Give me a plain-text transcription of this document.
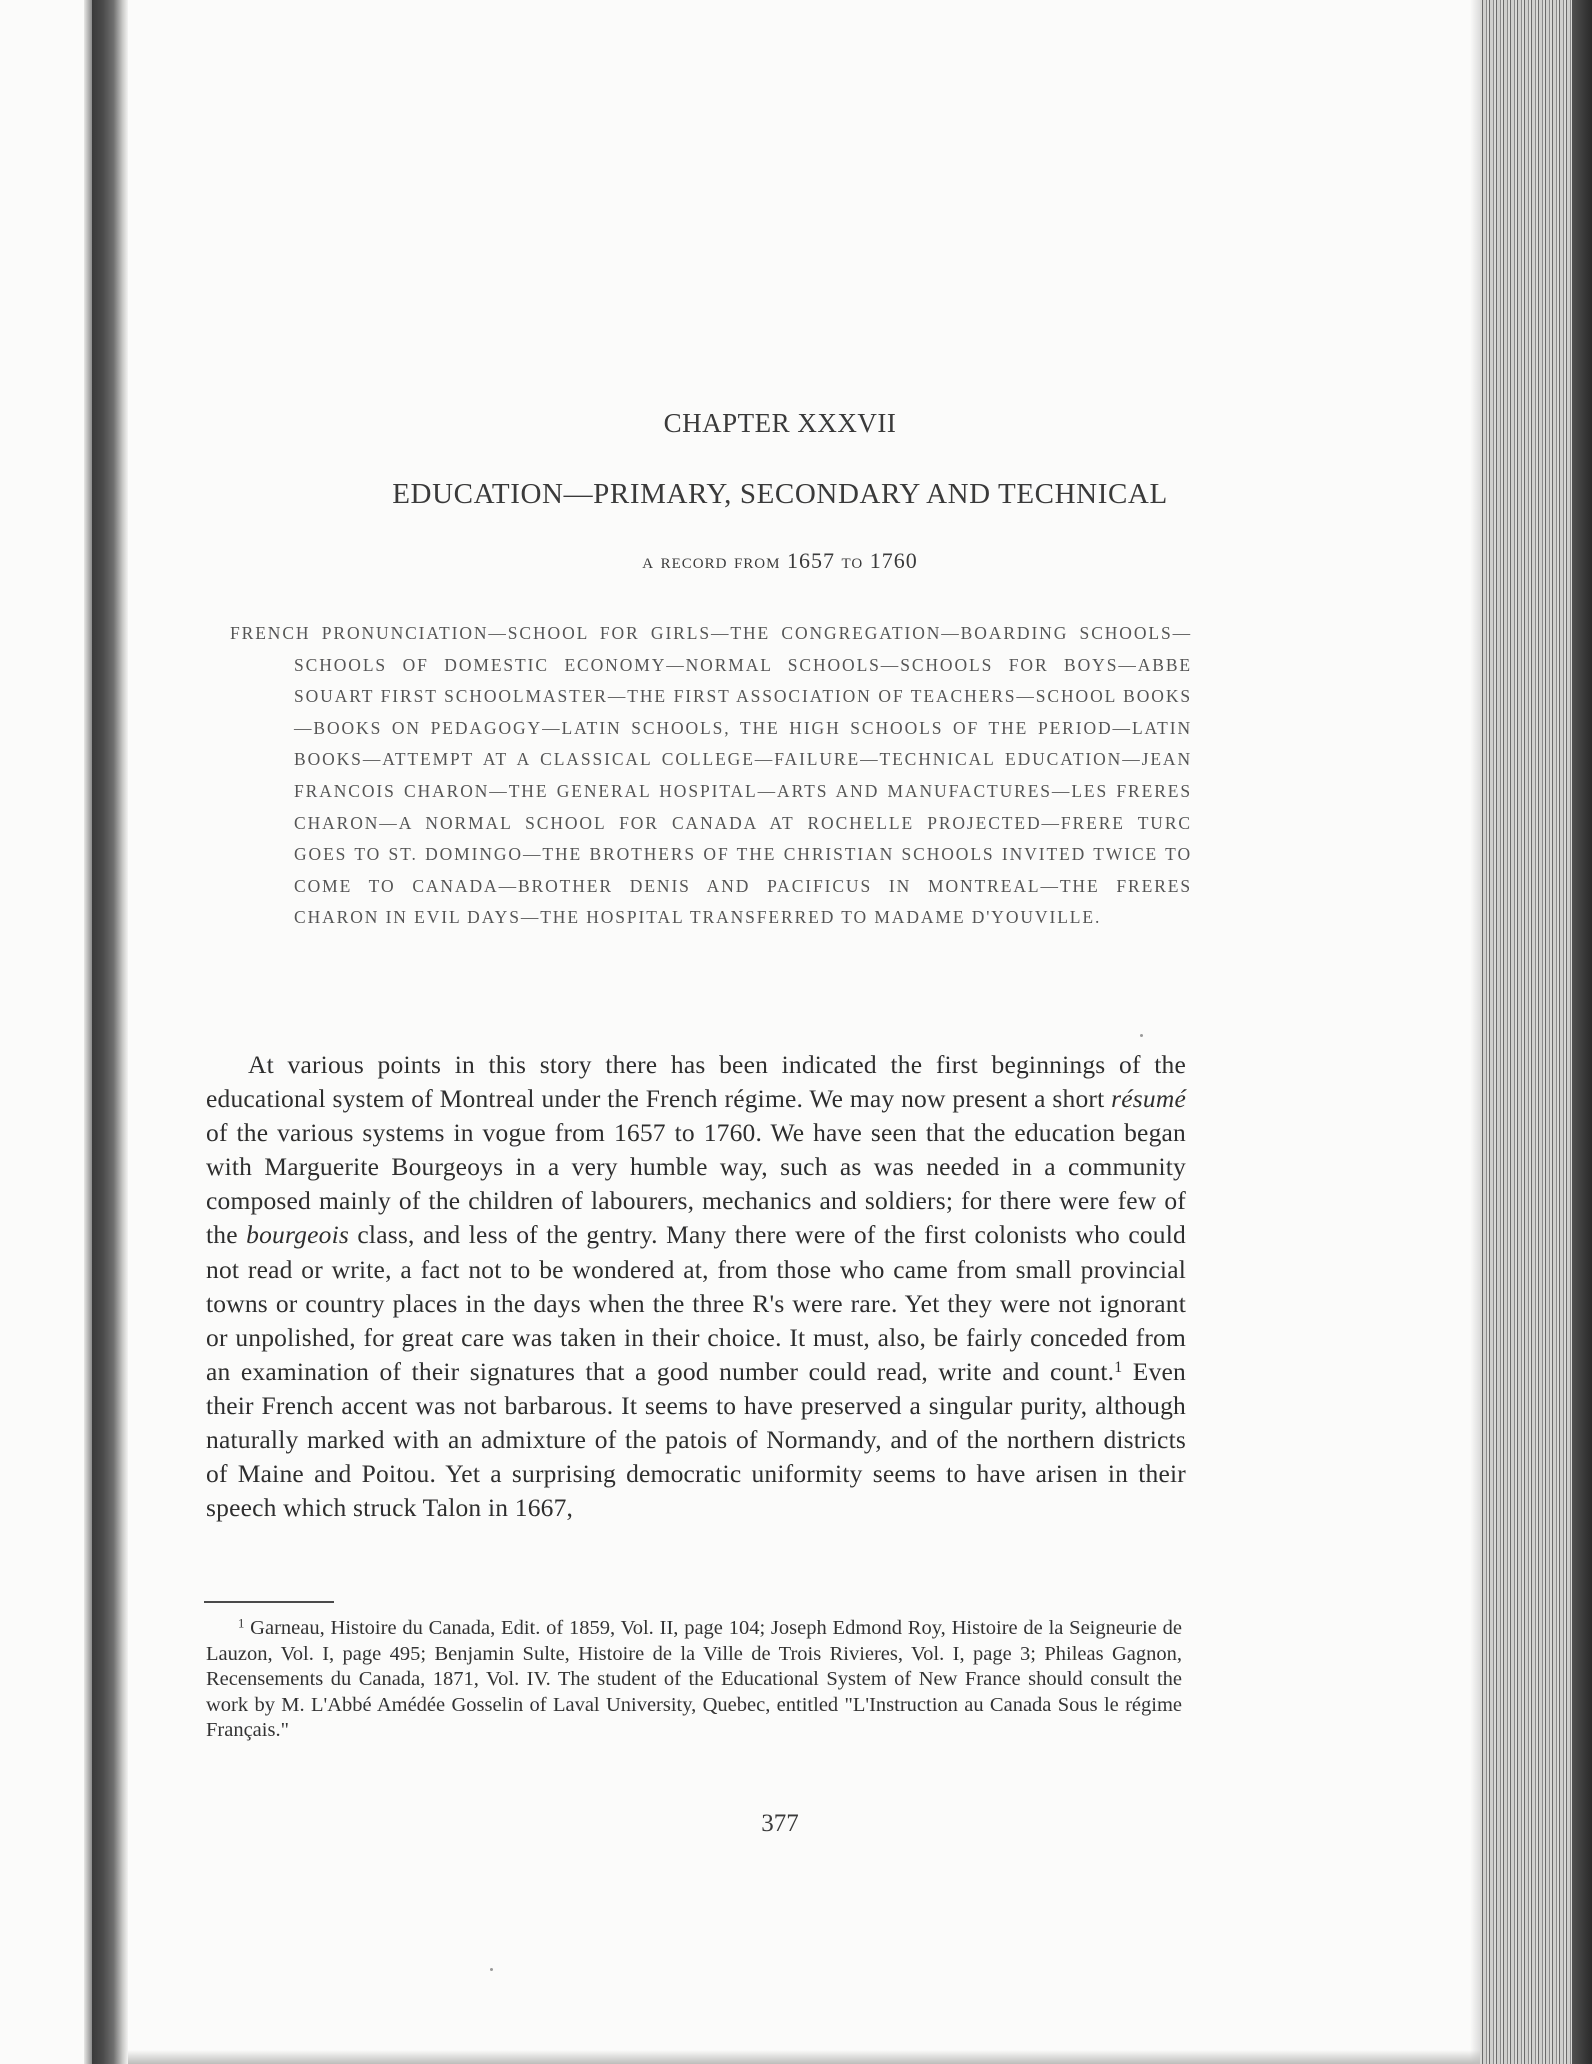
CHAPTER XXXVII
EDUCATION—PRIMARY, SECONDARY AND TECHNICAL
a record from 1657 to 1760
FRENCH PRONUNCIATION—SCHOOL FOR GIRLS—THE CONGREGATION—BOARDING SCHOOLS—SCHOOLS OF DOMESTIC ECONOMY—NORMAL SCHOOLS—SCHOOLS FOR BOYS—ABBE SOUART FIRST SCHOOLMASTER—THE FIRST ASSOCIATION OF TEACHERS—SCHOOL BOOKS—BOOKS ON PEDAGOGY—LATIN SCHOOLS, THE HIGH SCHOOLS OF THE PERIOD—LATIN BOOKS—ATTEMPT AT A CLASSICAL COLLEGE—FAILURE—TECHNICAL EDUCATION—JEAN FRANCOIS CHARON—THE GENERAL HOSPITAL—ARTS AND MANUFACTURES—LES FRERES CHARON—A NORMAL SCHOOL FOR CANADA AT ROCHELLE PROJECTED—FRERE TURC GOES TO ST. DOMINGO—THE BROTHERS OF THE CHRISTIAN SCHOOLS INVITED TWICE TO COME TO CANADA—BROTHER DENIS AND PACIFICUS IN MONTREAL—THE FRERES CHARON IN EVIL DAYS—THE HOSPITAL TRANSFERRED TO MADAME D'YOUVILLE.

At various points in this story there has been indicated the first beginnings of the educational system of Montreal under the French régime. We may now present a short résumé of the various systems in vogue from 1657 to 1760. We have seen that the education began with Marguerite Bourgeoys in a very humble way, such as was needed in a community composed mainly of the children of labourers, mechanics and soldiers; for there were few of the bourgeois class, and less of the gentry. Many there were of the first colonists who could not read or write, a fact not to be wondered at, from those who came from small provincial towns or country places in the days when the three R's were rare. Yet they were not ignorant or unpolished, for great care was taken in their choice. It must, also, be fairly conceded from an examination of their signatures that a good number could read, write and count.$^1$ Even their French accent was not barbarous. It seems to have preserved a singular purity, although naturally marked with an admixture of the patois of Normandy, and of the northern districts of Maine and Poitou. Yet a surprising democratic uniformity seems to have arisen in their speech which struck Talon in 1667,

$^1$ Garneau, Histoire du Canada, Edit. of 1859, Vol. II, page 104; Joseph Edmond Roy, Histoire de la Seigneurie de Lauzon, Vol. I, page 495; Benjamin Sulte, Histoire de la Ville de Trois Rivieres, Vol. I, page 3; Phileas Gagnon, Recensements du Canada, 1871, Vol. IV. The student of the Educational System of New France should consult the work by M. L'Abbé Amédée Gosselin of Laval University, Quebec, entitled "L'Instruction au Canada Sous le régime Français."

377
